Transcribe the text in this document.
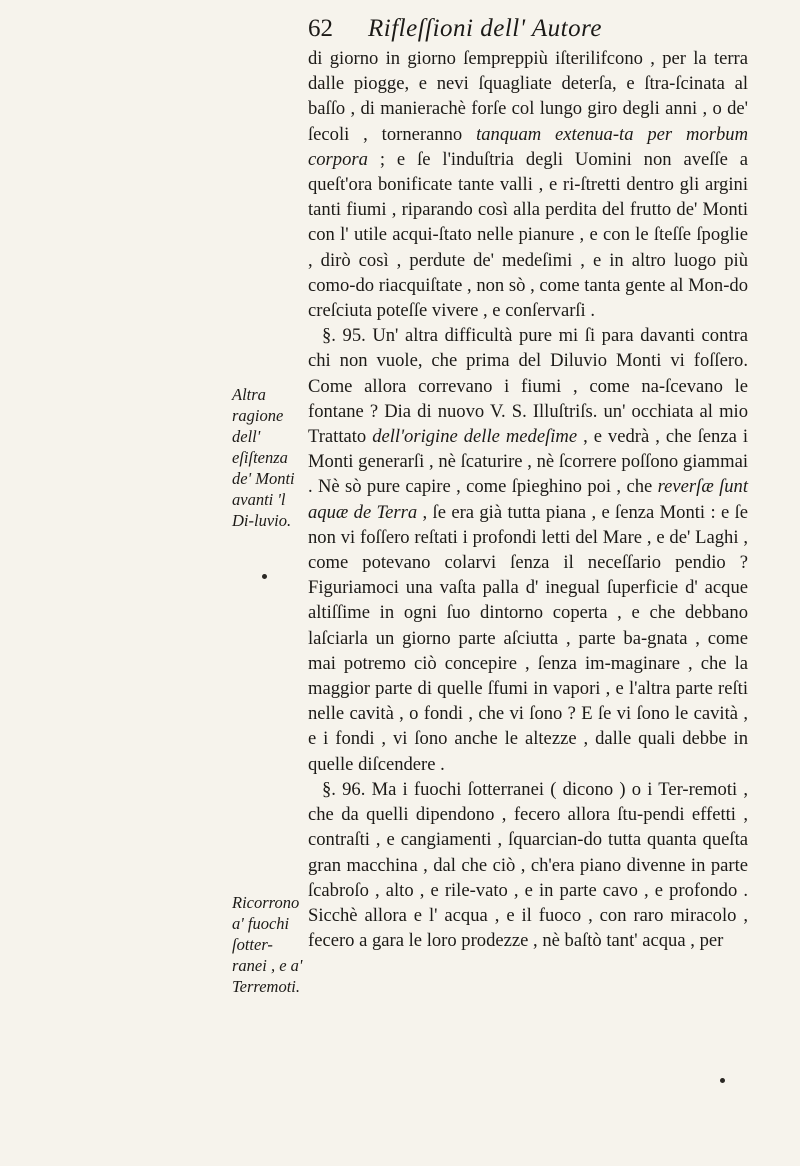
62 Rifleſſioni dell' Autore
Altra ragione dell' eſiſtenza de' Monti avanti 'l Di-luvio.
Ricorrono a' fuochi ſotter-ranei , e a' Terremoti.

di giorno in giorno ſempreppiù iſterilifcono , per la terra dalle piogge, e nevi ſquagliate deterſa, e ſtra-ſcinata al baſſo , di manierachè forſe col lungo giro degli anni , o de' ſecoli , torneranno tanquam extenua-ta per morbum corpora ; e ſe l'induſtria degli Uomini non aveſſe a queſt'ora bonificate tante valli , e ri-ſtretti dentro gli argini tanti fiumi , riparando così alla perdita del frutto de' Monti con l' utile acqui-ſtato nelle pianure , e con le ſteſſe ſpoglie , dirò così , perdute de' medeſimi , e in altro luogo più como-do riacquiſtate , non sò , come tanta gente al Mon-do creſciuta poteſſe vivere , e conſervarſi .

§. 95. Un' altra difficultà pure mi ſi para davanti contra chi non vuole, che prima del Diluvio Monti vi foſſero. Come allora correvano i fiumi , come na-ſcevano le fontane ? Dia di nuovo V. S. Illuſtriſs. un' occhiata al mio Trattato dell'origine delle medeſime , e vedrà , che ſenza i Monti generarſi , nè ſcaturire , nè ſcorrere poſſono giammai . Nè sò pure capire , come ſpieghino poi , che reverſæ ſunt aquæ de Terra , ſe era già tutta piana , e ſenza Monti : e ſe non vi foſſero reſtati i profondi letti del Mare , e de' Laghi , come potevano colarvi ſenza il neceſſario pendio ? Figuriamoci una vaſta palla d' inegual ſuperficie d' acque altiſſime in ogni ſuo dintorno coperta , e che debbano laſciarla un giorno parte aſciutta , parte ba-gnata , come mai potremo ciò concepire , ſenza im-maginare , che la maggior parte di quelle ſfumi in vapori , e l'altra parte reſti nelle cavità , o fondi , che vi ſono ? E ſe vi ſono le cavità , e i fondi , vi ſono anche le altezze , dalle quali debbe in quelle diſcendere .

§. 96. Ma i fuochi ſotterranei ( dicono ) o i Ter-remoti , che da quelli dipendono , fecero allora ſtu-pendi effetti , contraſti , e cangiamenti , ſquarcian-do tutta quanta queſta gran macchina , dal che ciò , ch'era piano divenne in parte ſcabroſo , alto , e rile-vato , e in parte cavo , e profondo . Sicchè allora e l' acqua , e il fuoco , con raro miracolo , fecero a gara le loro prodezze , nè baſtò tant' acqua , per
